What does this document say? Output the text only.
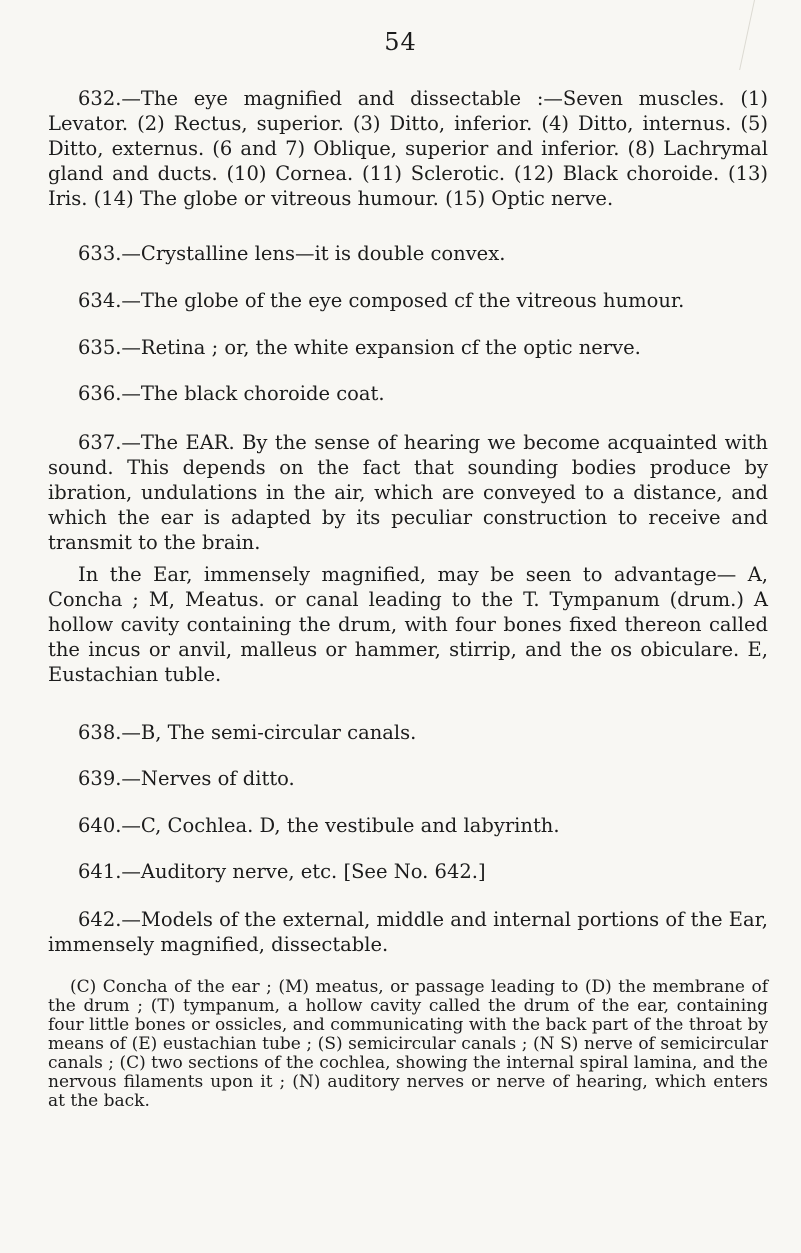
54

632.—The eye magnified and dissectable :—Seven muscles. (1) Levator. (2) Rectus, superior. (3) Ditto, inferior. (4) Ditto, internus. (5) Ditto, externus. (6 and 7) Oblique, superior and inferior. (8) Lachrymal gland and ducts. (10) Cornea. (11) Sclerotic. (12) Black choroide. (13) Iris. (14) The globe or vitreous humour. (15) Optic nerve.

633.—Crystalline lens—it is double convex.

634.—The globe of the eye composed cf the vitreous humour.

635.—Retina ; or, the white expansion cf the optic nerve.

636.—The black choroide coat.

637.—The EAR. By the sense of hearing we become acquainted with sound. This depends on the fact that sounding bodies produce by ibration, undulations in the air, which are conveyed to a distance, and which the ear is adapted by its peculiar construction to receive and transmit to the brain.

In the Ear, immensely magnified, may be seen to advantage— A, Concha ; M, Meatus. or canal leading to the T. Tympanum (drum.) A hollow cavity containing the drum, with four bones fixed thereon called the incus or anvil, malleus or hammer, stirrip, and the os obiculare. E, Eustachian tuble.

638.—B, The semi-circular canals.

639.—Nerves of ditto.

640.—C, Cochlea. D, the vestibule and labyrinth.

641.—Auditory nerve, etc. [See No. 642.]

642.—Models of the external, middle and internal portions of the Ear, immensely magnified, dissectable.

(C) Concha of the ear ; (M) meatus, or passage leading to (D) the membrane of the drum ; (T) tympanum, a hollow cavity called the drum of the ear, containing four little bones or ossicles, and communicating with the back part of the throat by means of (E) eustachian tube ; (S) semicircular canals ; (N S) nerve of semicircular canals ; (C) two sections of the cochlea, showing the internal spiral lamina, and the nervous filaments upon it ; (N) auditory nerves or nerve of hearing, which enters at the back.
